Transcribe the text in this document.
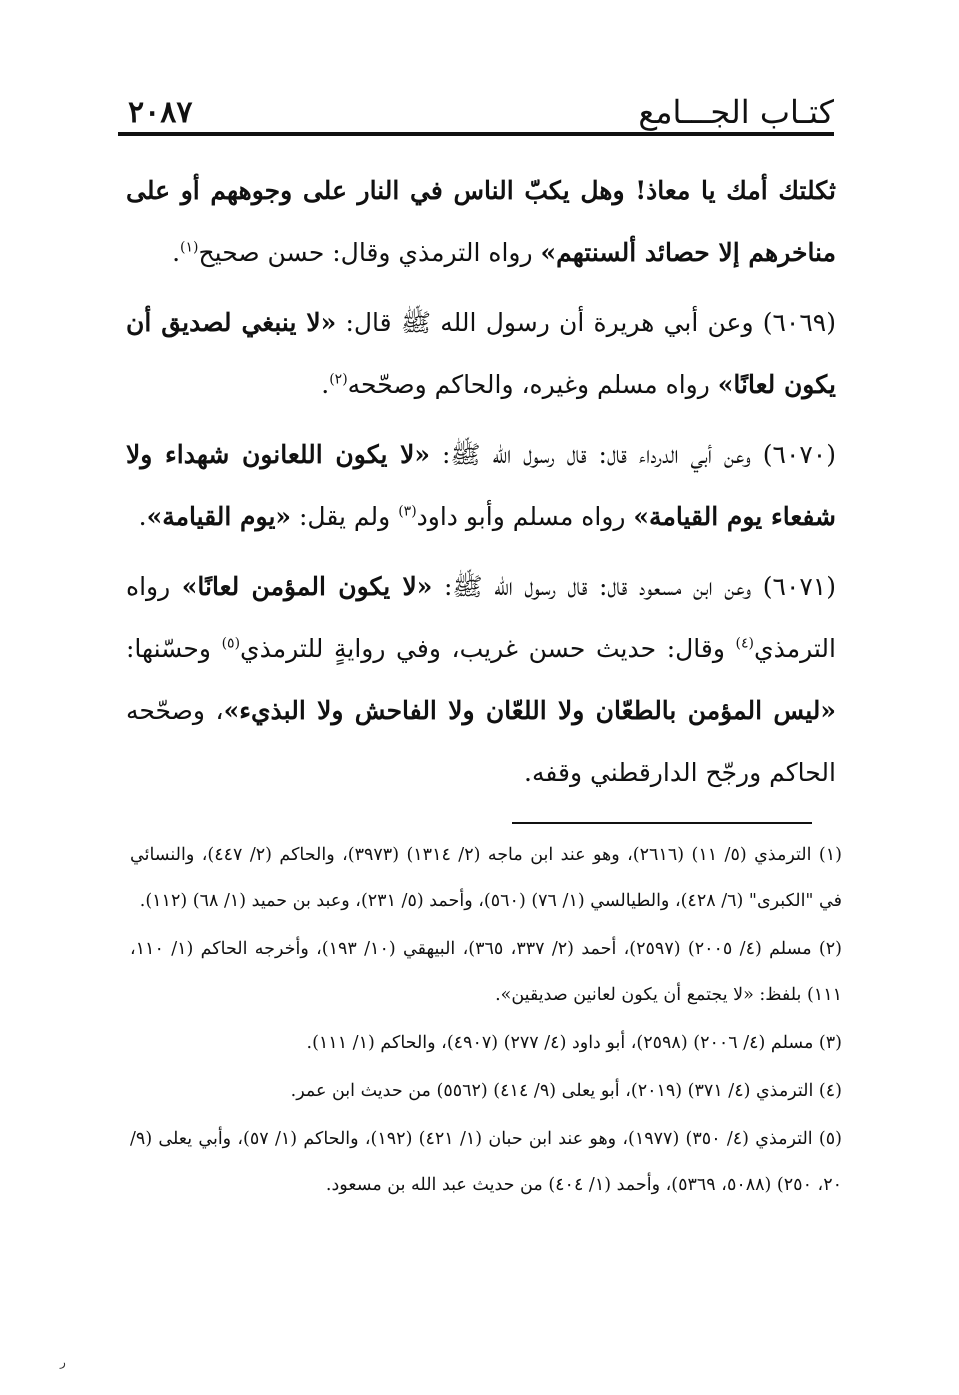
٢٠٨٧	كتـاب الجـــامع

ثكلتك أمك يا معاذ! وهل يكبّ الناس في النار على وجوههم أو على مناخرهم إلا حصائد ألسنتهم» رواه الترمذي وقال: حسن صحيح$^{(١)}$.

(٦٠٦٩) وعن أبي هريرة أن رسول الله ﷺ قال: «لا ينبغي لصديق أن يكون لعانًا» رواه مسلم وغيره، والحاكم وصحّحه$^{(٢)}$.

(٦٠٧٠) وعن أبي الدرداء قال: قال رسول الله ﷺ: «لا يكون اللعانون شهداء ولا شفعاء يوم القيامة» رواه مسلم وأبو داود$^{(٣)}$ ولم يقل: «يوم القيامة».

(٦٠٧١) وعن ابن مسعود قال: قال رسول الله ﷺ: «لا يكون المؤمن لعانًا» رواه الترمذي$^{(٤)}$ وقال: حديث حسن غريب، وفي روايةٍ للترمذي$^{(٥)}$ وحسّنها: «ليس المؤمن بالطعّان ولا اللعّان ولا الفاحش ولا البذيء»، وصحّحه الحاكم ورجّح الدارقطني وقفه.

(١) الترمذي (٥/ ١١) (٢٦١٦)، وهو عند ابن ماجه (٢/ ١٣١٤) (٣٩٧٣)، والحاكم (٢/ ٤٤٧)، والنسائي في "الكبرى" (٦/ ٤٢٨)، والطيالسي (١/ ٧٦) (٥٦٠)، وأحمد (٥/ ٢٣١)، وعبد بن حميد (١/ ٦٨) (١١٢).

(٢) مسلم (٤/ ٢٠٠٥) (٢٥٩٧)، أحمد (٢/ ٣٣٧، ٣٦٥)، البيهقي (١٠/ ١٩٣)، وأخرجه الحاكم (١/ ١١٠، ١١١) بلفظ: «لا يجتمع أن يكون لعانين صديقين».

(٣) مسلم (٤/ ٢٠٠٦) (٢٥٩٨)، أبو داود (٤/ ٢٧٧) (٤٩٠٧)، والحاكم (١/ ١١١).

(٤) الترمذي (٤/ ٣٧١) (٢٠١٩)، أبو يعلى (٩/ ٤١٤) (٥٥٦٢) من حديث ابن عمر.

(٥) الترمذي (٤/ ٣٥٠) (١٩٧٧)، وهو عند ابن حبان (١/ ٤٢١) (١٩٢)، والحاكم (١/ ٥٧)، وأبي يعلى (٩/ ٢٠، ٢٥٠) (٥٠٨٨، ٥٣٦٩)، وأحمد (١/ ٤٠٤) من حديث عبد الله بن مسعود.

ر
